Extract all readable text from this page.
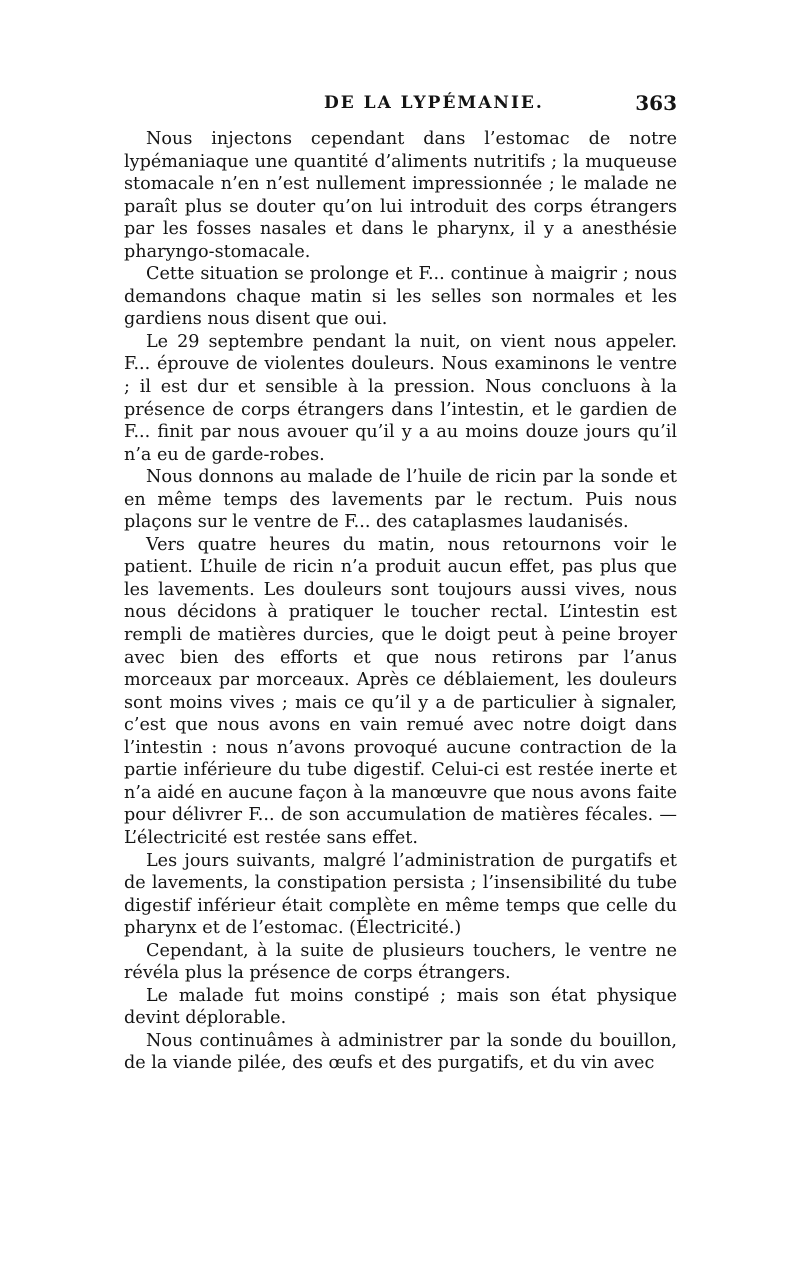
DE LA LYPÉMANIE.	363

Nous injectons cependant dans l’estomac de notre lypémaniaque une quantité d’aliments nutritifs ; la muqueuse stomacale n’en n’est nullement impressionnée ; le malade ne paraît plus se douter qu’on lui introduit des corps étrangers par les fosses nasales et dans le pharynx, il y a anesthésie pharyngo-stomacale.

Cette situation se prolonge et F... continue à maigrir ; nous demandons chaque matin si les selles son normales et les gardiens nous disent que oui.

Le 29 septembre pendant la nuit, on vient nous appeler. F... éprouve de violentes douleurs. Nous examinons le ventre ; il est dur et sensible à la pression. Nous concluons à la présence de corps étrangers dans l’intestin, et le gardien de F... finit par nous avouer qu’il y a au moins douze jours qu’il n’a eu de garde-robes.

Nous donnons au malade de l’huile de ricin par la sonde et en même temps des lavements par le rectum. Puis nous plaçons sur le ventre de F... des cataplasmes laudanisés.

Vers quatre heures du matin, nous retournons voir le patient. L’huile de ricin n’a produit aucun effet, pas plus que les lavements. Les douleurs sont toujours aussi vives, nous nous décidons à pratiquer le toucher rectal. L’intestin est rempli de matières durcies, que le doigt peut à peine broyer avec bien des efforts et que nous retirons par l’anus morceaux par morceaux. Après ce déblaiement, les douleurs sont moins vives ; mais ce qu’il y a de particulier à signaler, c’est que nous avons en vain remué avec notre doigt dans l’intestin : nous n’avons provoqué aucune contraction de la partie inférieure du tube digestif. Celui-ci est restée inerte et n’a aidé en aucune façon à la manœuvre que nous avons faite pour délivrer F... de son accumulation de matières fécales. — L’électricité est restée sans effet.

Les jours suivants, malgré l’administration de purgatifs et de lavements, la constipation persista ; l’insensibilité du tube digestif inférieur était complète en même temps que celle du pharynx et de l’estomac. (Électricité.)

Cependant, à la suite de plusieurs touchers, le ventre ne révéla plus la présence de corps étrangers.

Le malade fut moins constipé ; mais son état physique devint déplorable.

Nous continuâmes à administrer par la sonde du bouillon, de la viande pilée, des œufs et des purgatifs, et du vin avec
